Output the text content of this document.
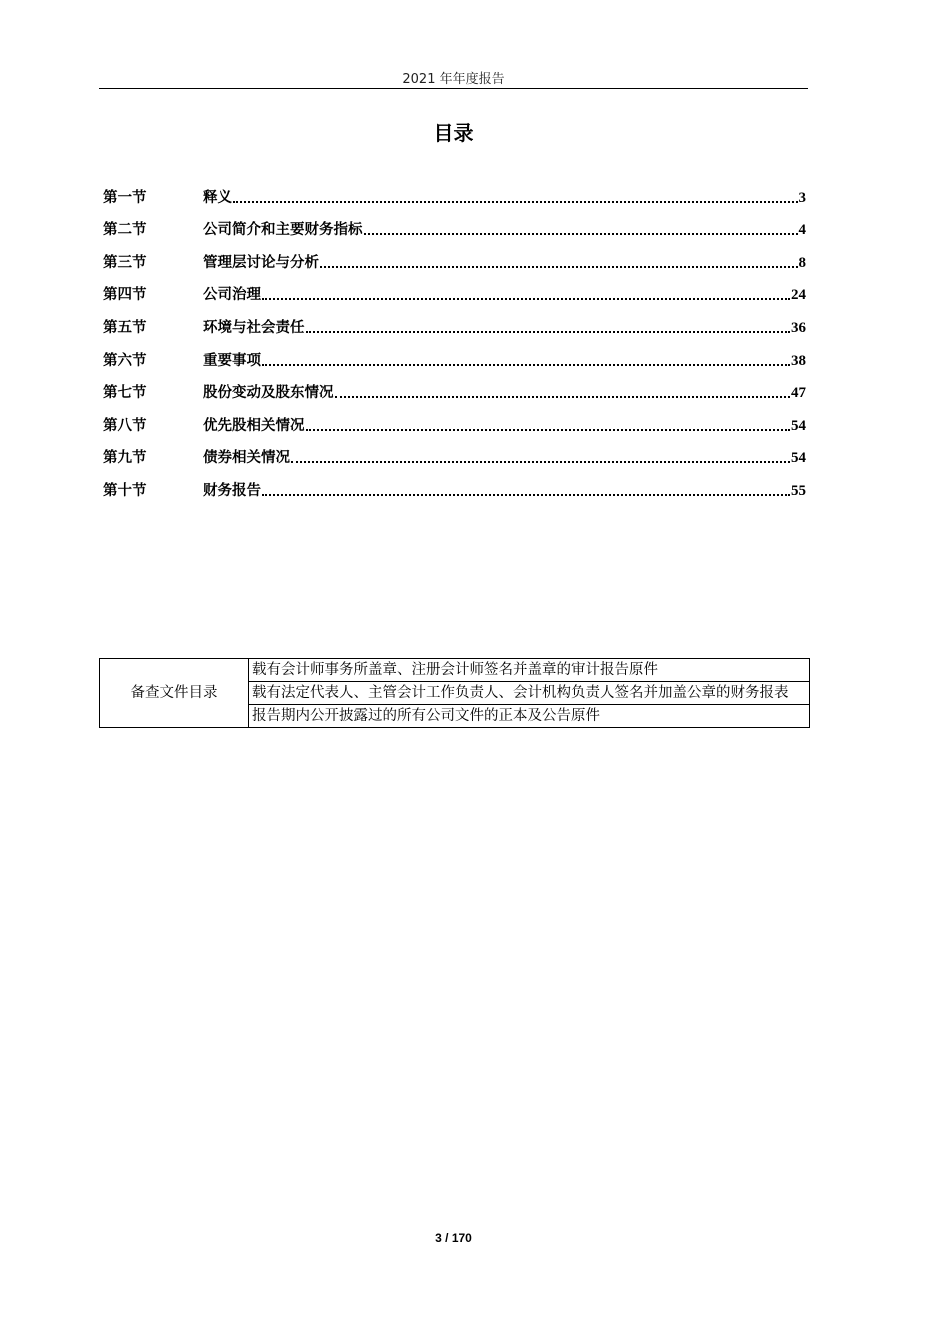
2021 年年度报告
目录
第一节	释义	3
第二节	公司简介和主要财务指标	4
第三节	管理层讨论与分析	8
第四节	公司治理	24
第五节	环境与社会责任	36
第六节	重要事项	38
第七节	股份变动及股东情况	47
第八节	优先股相关情况	54
第九节	债券相关情况	54
第十节	财务报告	55
备查文件目录	载有会计师事务所盖章、注册会计师签名并盖章的审计报告原件
载有法定代表人、主管会计工作负责人、会计机构负责人签名并加盖公章的财务报表
报告期内公开披露过的所有公司文件的正本及公告原件
3 / 170
